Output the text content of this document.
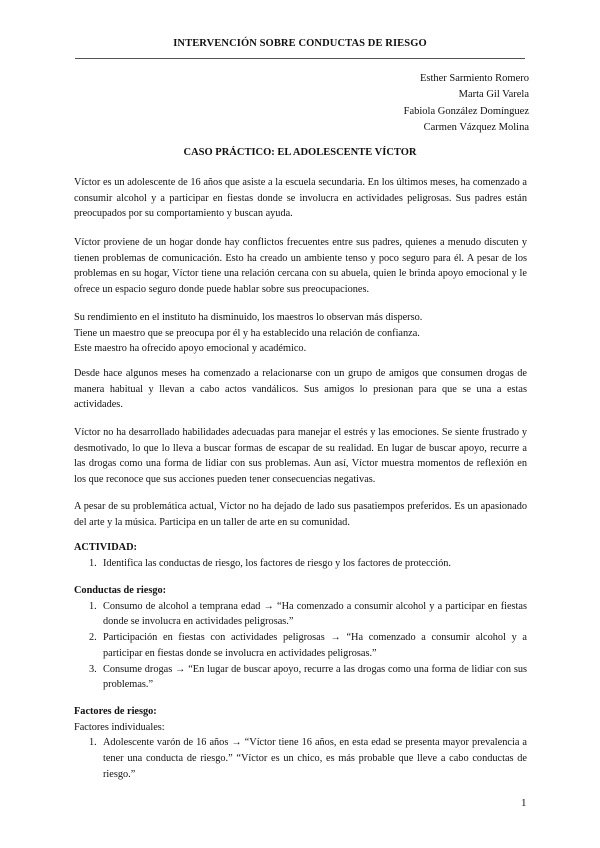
INTERVENCIÓN SOBRE CONDUCTAS DE RIESGO
Esther Sarmiento Romero
Marta Gil Varela
Fabiola González Domínguez
Carmen Vázquez Molina
CASO PRÁCTICO: EL ADOLESCENTE VÍCTOR

Víctor es un adolescente de 16 años que asiste a la escuela secundaria. En los últimos meses, ha comenzado a consumir alcohol y a participar en fiestas donde se involucra en actividades peligrosas. Sus padres están preocupados por su comportamiento y buscan ayuda.

Víctor proviene de un hogar donde hay conflictos frecuentes entre sus padres, quienes a menudo discuten y tienen problemas de comunicación. Esto ha creado un ambiente tenso y poco seguro para él. A pesar de los problemas en su hogar, Víctor tiene una relación cercana con su abuela, quien le brinda apoyo emocional y le ofrece un espacio seguro donde puede hablar sobre sus preocupaciones.

Su rendimiento en el instituto ha disminuido, los maestros lo observan más disperso.

Tiene un maestro que se preocupa por él y ha establecido una relación de confianza.

Este maestro ha ofrecido apoyo emocional y académico.

Desde hace algunos meses ha comenzado a relacionarse con un grupo de amigos que consumen drogas de manera habitual y llevan a cabo actos vandálicos. Sus amigos lo presionan para que se una a estas actividades.

Víctor no ha desarrollado habilidades adecuadas para manejar el estrés y las emociones. Se siente frustrado y desmotivado, lo que lo lleva a buscar formas de escapar de su realidad. En lugar de buscar apoyo, recurre a las drogas como una forma de lidiar con sus problemas. Aun así, Víctor muestra momentos de reflexión en los que reconoce que sus acciones pueden tener consecuencias negativas.

A pesar de su problemática actual, Víctor no ha dejado de lado sus pasatiempos preferidos. Es un apasionado del arte y la música. Participa en un taller de arte en su comunidad.

ACTIVIDAD:

1. Identifica las conductas de riesgo, los factores de riesgo y los factores de protección.

Conductas de riesgo:

1. Consumo de alcohol a temprana edad → “Ha comenzado a consumir alcohol y a participar en fiestas donde se involucra en actividades peligrosas.”
2. Participación en fiestas con actividades peligrosas → “Ha comenzado a consumir alcohol y a participar en fiestas donde se involucra en actividades peligrosas.”
3. Consume drogas → “En lugar de buscar apoyo, recurre a las drogas como una forma de lidiar con sus problemas.”

Factores de riesgo:

Factores individuales:

1. Adolescente varón de 16 años → “Víctor tiene 16 años, en esta edad se presenta mayor prevalencia a tener una conducta de riesgo.” “Víctor es un chico, es más probable que lleve a cabo conductas de riesgo.”
1
